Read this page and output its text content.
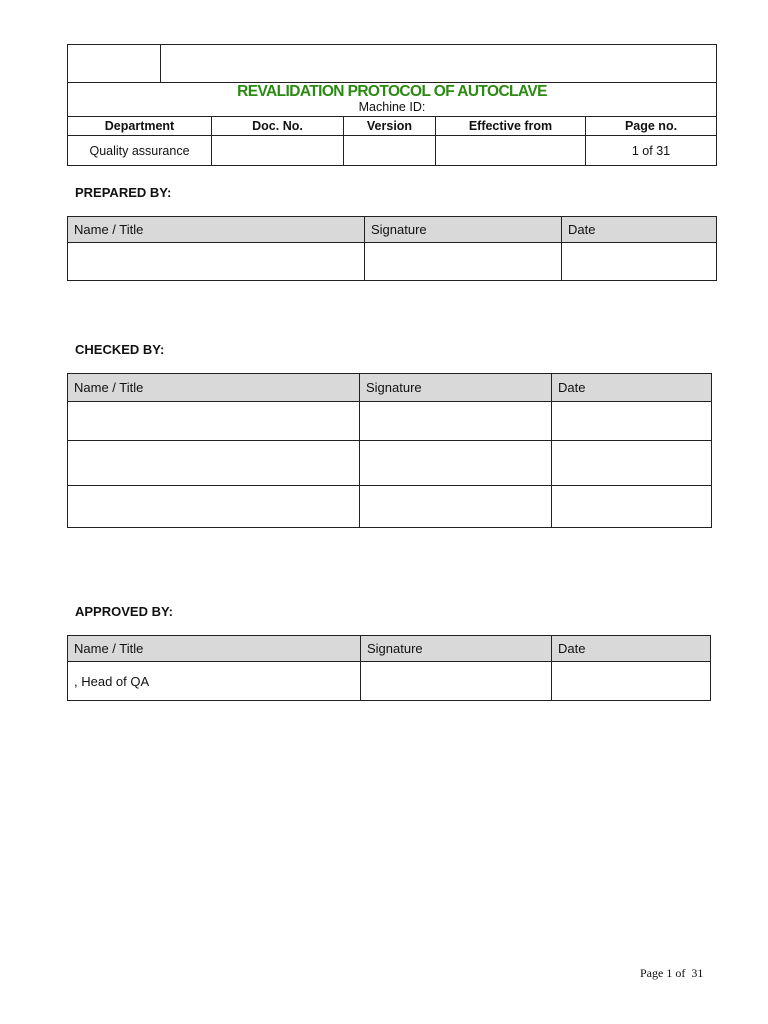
REVALIDATION PROTOCOL OF AUTOCLAVE
Machine ID:
Department	Doc. No.	Version	Effective from	Page no.
Quality assurance				1 of 31
PREPARED BY:
Name / Title	Signature	Date

CHECKED BY:
Name / Title	Signature	Date

APPROVED BY:
Name / Title	Signature	Date
, Head of QA		
Page 1 of  31
